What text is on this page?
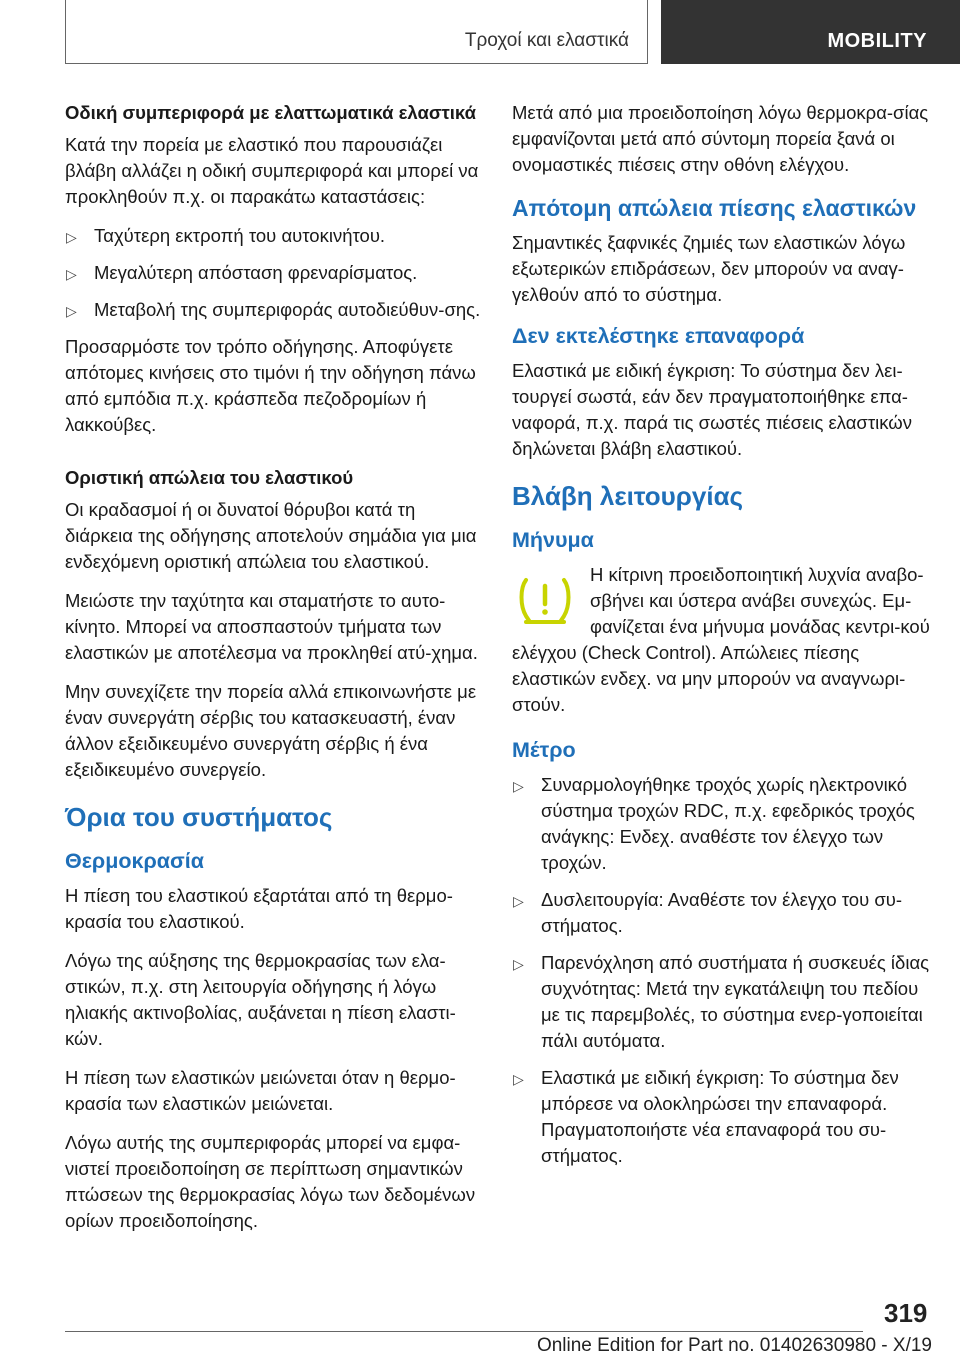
Τροχοί και ελαστικά	MOBILITY
Οδική συμπεριφορά με ελαττωματικά ελαστικά

Κατά την πορεία με ελαστικό που παρουσιάζει βλάβη αλλάζει η οδική συμπεριφορά και μπορεί να προκληθούν π.χ. οι παρακάτω καταστάσεις:

▷ Ταχύτερη εκτροπή του αυτοκινήτου.
▷ Μεγαλύτερη απόσταση φρεναρίσματος.
▷ Μεταβολή της συμπεριφοράς αυτοδιεύθυν-σης.

Προσαρμόστε τον τρόπο οδήγησης. Αποφύγετε απότομες κινήσεις στο τιμόνι ή την οδήγηση πάνω από εμπόδια π.χ. κράσπεδα πεζοδρομίων ή λακκούβες.

Οριστική απώλεια του ελαστικού

Οι κραδασμοί ή οι δυνατοί θόρυβοι κατά τη διάρκεια της οδήγησης αποτελούν σημάδια για μια ενδεχόμενη οριστική απώλεια του ελαστικού.

Μειώστε την ταχύτητα και σταματήστε το αυτο-κίνητο. Μπορεί να αποσπαστούν τμήματα των ελαστικών με αποτέλεσμα να προκληθεί ατύ-χημα.

Μην συνεχίζετε την πορεία αλλά επικοινωνήστε με έναν συνεργάτη σέρβις του κατασκευαστή, έναν άλλον εξειδικευμένο συνεργάτη σέρβις ή ένα εξειδικευμένο συνεργείο.

Όρια του συστήματος
Θερμοκρασία

Η πίεση του ελαστικού εξαρτάται από τη θερμο-κρασία του ελαστικού.

Λόγω της αύξησης της θερμοκρασίας των ελα-στικών, π.χ. στη λειτουργία οδήγησης ή λόγω ηλιακής ακτινοβολίας, αυξάνεται η πίεση ελαστι-κών.

Η πίεση των ελαστικών μειώνεται όταν η θερμο-κρασία των ελαστικών μειώνεται.

Λόγω αυτής της συμπεριφοράς μπορεί να εμφα-νιστεί προειδοποίηση σε περίπτωση σημαντικών πτώσεων της θερμοκρασίας λόγω των δεδομένων ορίων προειδοποίησης.

Μετά από μια προειδοποίηση λόγω θερμοκρα-σίας εμφανίζονται μετά από σύντομη πορεία ξανά οι ονομαστικές πιέσεις στην οθόνη ελέγχου.

Απότομη απώλεια πίεσης ελαστικών

Σημαντικές ξαφνικές ζημιές των ελαστικών λόγω εξωτερικών επιδράσεων, δεν μπορούν να αναγ-γελθούν από το σύστημα.

Δεν εκτελέστηκε επαναφορά

Ελαστικά με ειδική έγκριση: Το σύστημα δεν λει-τουργεί σωστά, εάν δεν πραγματοποιήθηκε επα-ναφορά, π.χ. παρά τις σωστές πιέσεις ελαστικών δηλώνεται βλάβη ελαστικού.

Βλάβη λειτουργίας
Μήνυμα

Η κίτρινη προειδοποιητική λυχνία αναβο-σβήνει και ύστερα ανάβει συνεχώς. Εμ-φανίζεται ένα μήνυμα μονάδας κεντρι-κού ελέγχου (Check Control). Απώλειες πίεσης ελαστικών ενδεχ. να μην μπορούν να αναγνωρι-στούν.

Μέτρο
▷ Συναρμολογήθηκε τροχός χωρίς ηλεκτρονικό σύστημα τροχών RDC, π.χ. εφεδρικός τροχός ανάγκης: Ενδεχ. αναθέστε τον έλεγχο των τροχών.
▷ Δυσλειτουργία: Αναθέστε τον έλεγχο του συ-στήματος.
▷ Παρενόχληση από συστήματα ή συσκευές ίδιας συχνότητας: Μετά την εγκατάλειψη του πεδίου με τις παρεμβολές, το σύστημα ενερ-γοποιείται πάλι αυτόματα.
▷ Ελαστικά με ειδική έγκριση: Το σύστημα δεν μπόρεσε να ολοκληρώσει την επαναφορά. Πραγματοποιήστε νέα επαναφορά του συ-στήματος.
319
Online Edition for Part no. 01402630980 - X/19
